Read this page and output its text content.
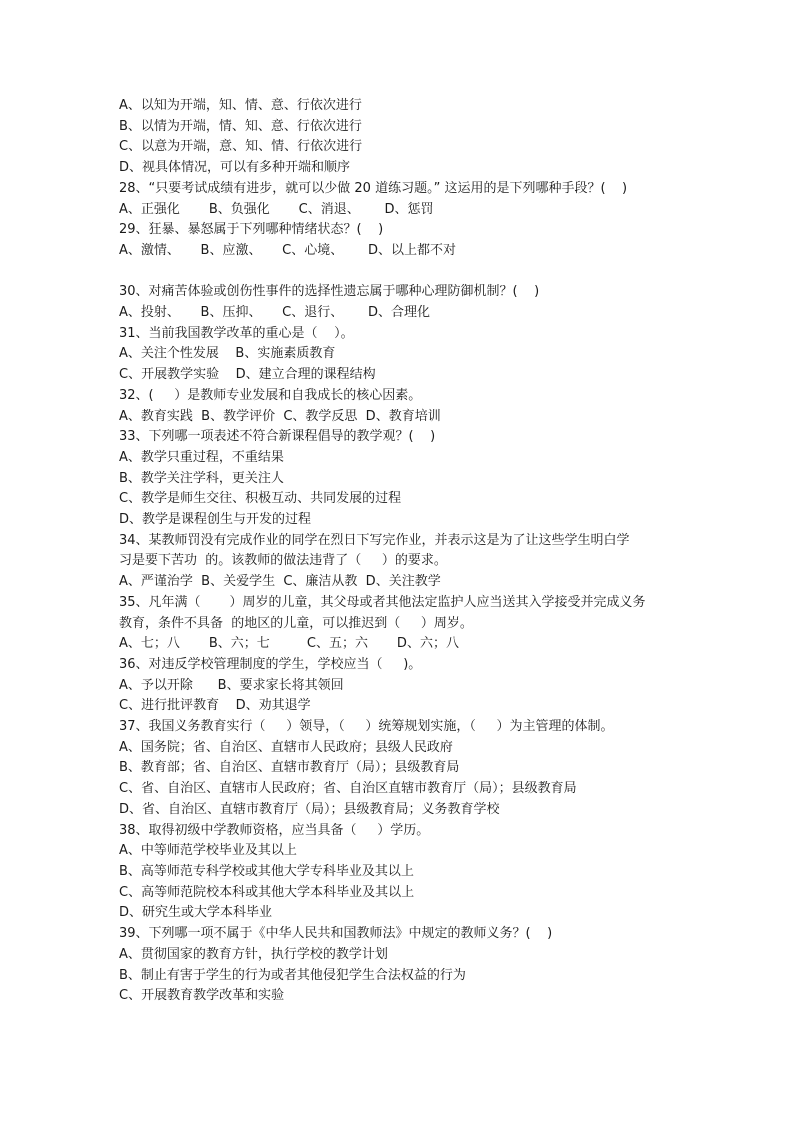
A、以知为开端，知、情、意、行依次进行
B、以情为开端，情、知、意、行依次进行
C、以意为开端，意、知、情、行依次进行
D、视具体情况，可以有多种开端和顺序
28、“只要考试成绩有进步，就可以少做 20 道练习题。” 这运用的是下列哪种手段？(    )
A、正强化       B、负强化       C、消退、      D、惩罚
29、狂暴、暴怒属于下列哪种情绪状态？(    )
A、激情、     B、应激、     C、心境、      D、以上都不对
30、对痛苦体验或创伤性事件的选择性遗忘属于哪种心理防御机制？(    )
A、投射、     B、压抑、     C、退行、      D、合理化
31、当前我国教学改革的重心是（    ）。
A、关注个性发展    B、实施素质教育
C、开展教学实验    D、建立合理的课程结构
32、(     ）是教师专业发展和自我成长的核心因素。
A、教育实践  B、教学评价  C、教学反思  D、教育培训
33、下列哪一项表述不符合新课程倡导的教学观？(    )
A、教学只重过程，不重结果
B、教学关注学科，更关注人
C、教学是师生交往、积极互动、共同发展的过程
D、教学是课程创生与开发的过程
34、某教师罚没有完成作业的同学在烈日下写完作业，并表示这是为了让这些学生明白学
习是要下苦功  的。该教师的做法违背了（     ）的要求。
A、严谨治学  B、关爱学生  C、廉洁从教  D、关注教学
35、凡年满（       ）周岁的儿童，其父母或者其他法定监护人应当送其入学接受并完成义务
教育，条件不具备  的地区的儿童，可以推迟到（     ）周岁。
A、七；八       B、六；七         C、五；六       D、六；八
36、对违反学校管理制度的学生，学校应当（     )。
A、予以开除      B、要求家长将其领回
C、进行批评教育    D、劝其退学
37、我国义务教育实行（     ）领导，（     ）统筹规划实施，（     ）为主管理的体制。
A、国务院；省、自治区、直辖市人民政府；县级人民政府
B、教育部；省、自治区、直辖市教育厅（局）；县级教育局
C、省、自治区、直辖市人民政府；省、自治区直辖市教育厅（局）；县级教育局
D、省、自治区、直辖市教育厅（局）；县级教育局；义务教育学校
38、取得初级中学教师资格，应当具备（     ）学历。
A、中等师范学校毕业及其以上
B、高等师范专科学校或其他大学专科毕业及其以上
C、高等师范院校本科或其他大学本科毕业及其以上
D、研究生或大学本科毕业
39、下列哪一项不属于《中华人民共和国教师法》中规定的教师义务？(    )
A、贯彻国家的教育方针，执行学校的教学计划
B、制止有害于学生的行为或者其他侵犯学生合法权益的行为
C、开展教育教学改革和实验
